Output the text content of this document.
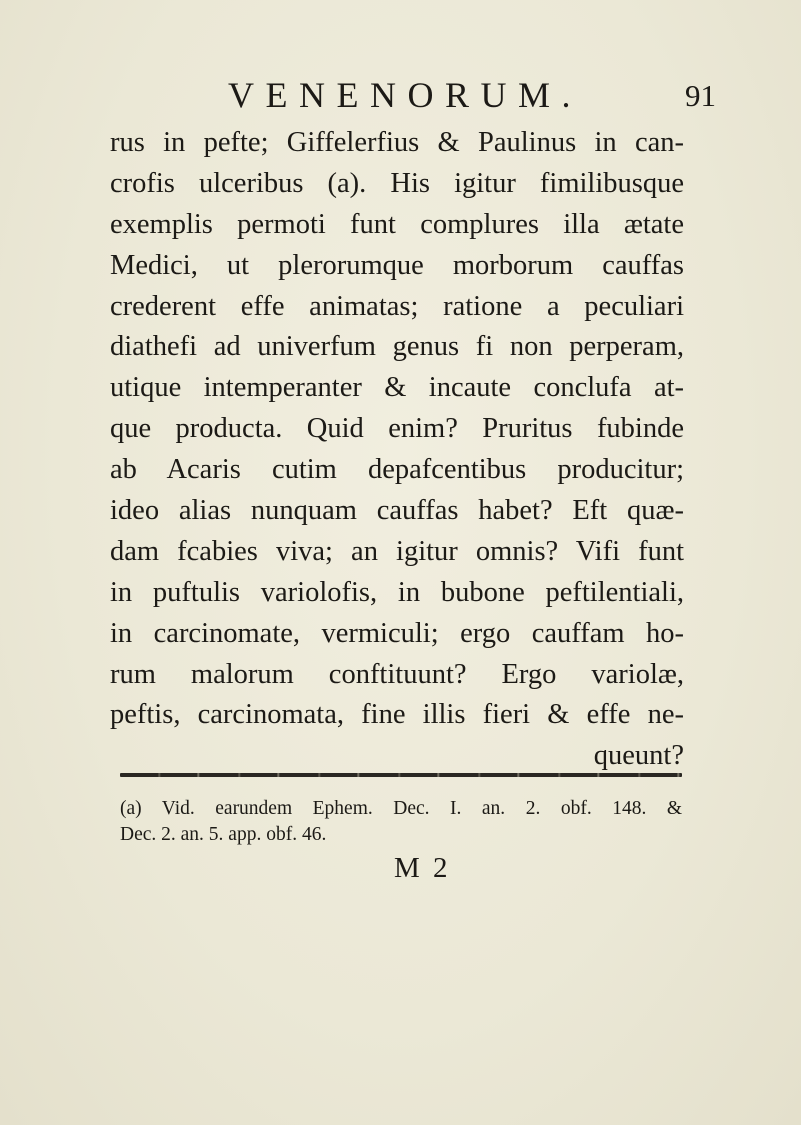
VENENORUM.	91
rus in pefte; Giffelerfius & Paulinus in can-
crofis ulceribus (a). His igitur fimilibusque
exemplis permoti funt complures illa ætate
Medici, ut plerorumque morborum cauffas
crederent effe animatas; ratione a peculiari
diathefi ad univerfum genus fi non perperam,
utique intemperanter & incaute conclufa at-
que producta. Quid enim? Pruritus fubinde
ab Acaris cutim depafcentibus producitur;
ideo alias nunquam cauffas habet? Eft quæ-
dam fcabies viva; an igitur omnis? Vifi funt
in puftulis variolofis, in bubone peftilentiali,
in carcinomate, vermiculi; ergo cauffam ho-
rum malorum conftituunt? Ergo variolæ,
peftis, carcinomata, fine illis fieri & effe ne-
queunt?
(a) Vid. earundem Ephem. Dec. I. an. 2. obf. 148. &
Dec. 2. an. 5. app. obf. 46.
M 2
